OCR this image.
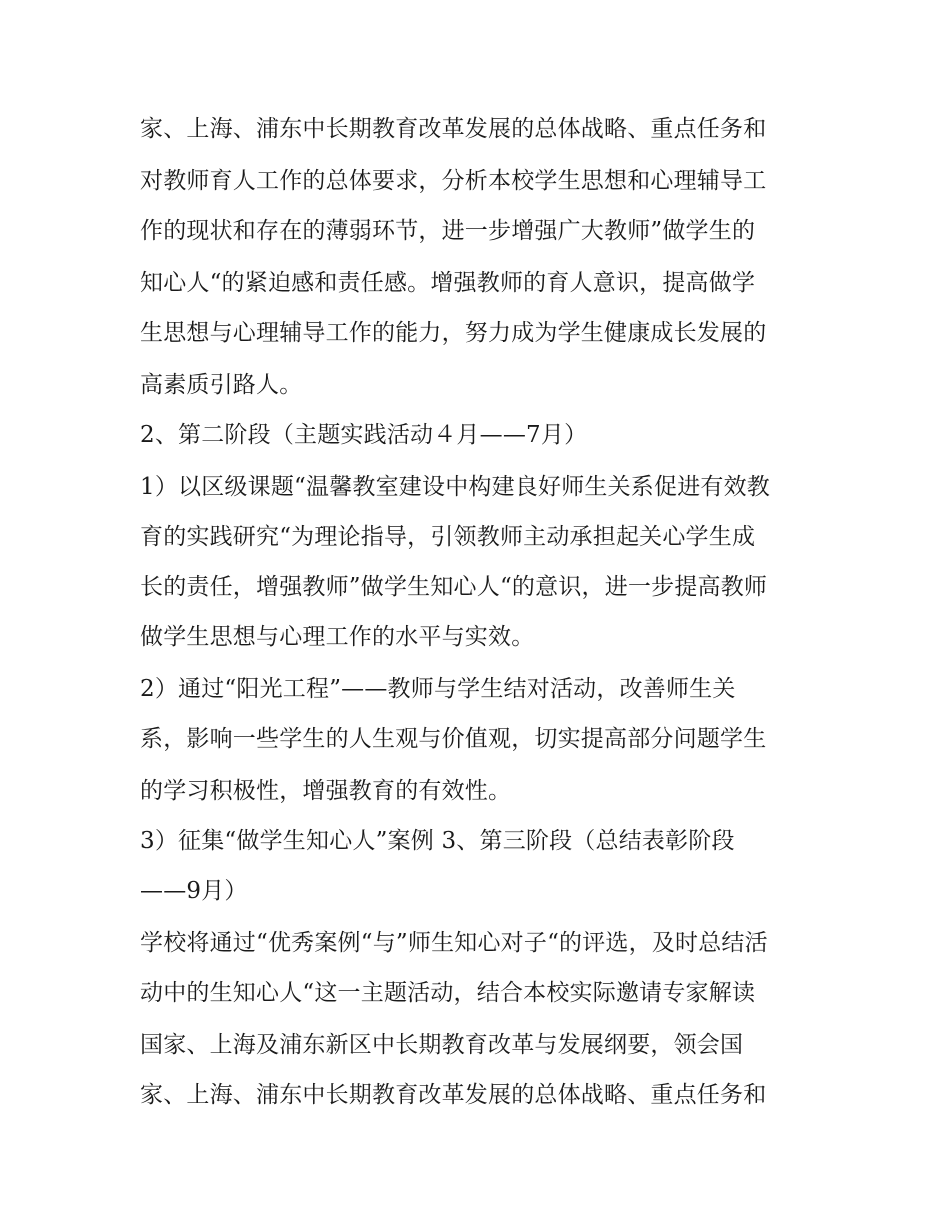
家、上海、浦东中长期教育改革发展的总体战略、重点任务和
对教师育人工作的总体要求，分析本校学生思想和心理辅导工
作的现状和存在的薄弱环节，进一步增强广大教师”做学生的
知心人“的紧迫感和责任感。增强教师的育人意识，提高做学
生思想与心理辅导工作的能力，努力成为学生健康成长发展的
高素质引路人。
2、第二阶段（主题实践活动４月——7月）
1）以区级课题“温馨教室建设中构建良好师生关系促进有效教
育的实践研究“为理论指导，引领教师主动承担起关心学生成
长的责任，增强教师”做学生知心人“的意识，进一步提高教师
做学生思想与心理工作的水平与实效。
2）通过“阳光工程”——教师与学生结对活动，改善师生关
系，影响一些学生的人生观与价值观，切实提高部分问题学生
的学习积极性，增强教育的有效性。
3）征集“做学生知心人”案例 3、第三阶段（总结表彰阶段
——9月）
学校将通过“优秀案例“与”师生知心对子“的评选，及时总结活
动中的生知心人“这一主题活动，结合本校实际邀请专家解读
国家、上海及浦东新区中长期教育改革与发展纲要，领会国
家、上海、浦东中长期教育改革发展的总体战略、重点任务和
